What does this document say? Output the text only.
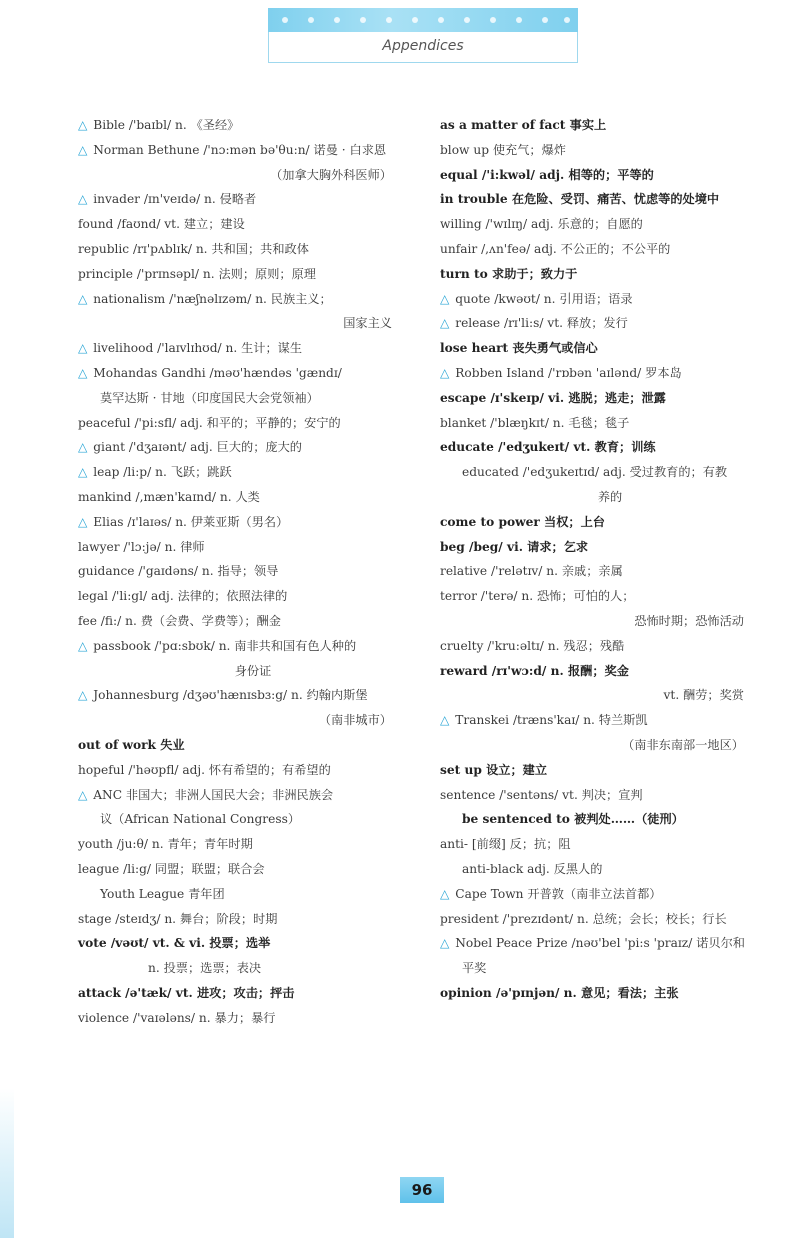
Appendices
△ Bible /'baɪbl/ n. 《圣经》
△ Norman Bethune /'nɔ:mən bə'θu:n/ 诺曼 · 白求恩
（加拿大胸外科医师）
△ invader /ɪn'veɪdə/ n. 侵略者
found /faʊnd/ vt. 建立；建设
republic /rɪ'pʌblɪk/ n. 共和国；共和政体
principle /'prɪnsəpl/ n. 法则；原则；原理
△ nationalism /'næʃnəlɪzəm/ n. 民族主义；
国家主义
△ livelihood /'laɪvlɪhʊd/ n. 生计；谋生
△ Mohandas Gandhi /məʊ'hændəs 'gændɪ/
莫罕达斯 · 甘地（印度国民大会党领袖）
peaceful /'pi:sfl/ adj. 和平的；平静的；安宁的
△ giant /'dʒaɪənt/ adj. 巨大的；庞大的
△ leap /li:p/ n. 飞跃；跳跃
mankind /,mæn'kaɪnd/ n. 人类
△ Elias /ɪ'laɪəs/ n. 伊莱亚斯（男名）
lawyer /'lɔ:jə/ n. 律师
guidance /'gaɪdəns/ n. 指导；领导
legal /'li:gl/ adj. 法律的；依照法律的
fee /fi:/ n. 费（会费、学费等）；酬金
△ passbook /'pɑ:sbʊk/ n. 南非共和国有色人种的
身份证
△ Johannesburg /dʒəʊ'hænɪsbɜ:g/ n. 约翰内斯堡
（南非城市）
out of work 失业
hopeful /'həʊpfl/ adj. 怀有希望的；有希望的
△ ANC 非国大；非洲人国民大会；非洲民族会
议（African National Congress）
youth /ju:θ/ n. 青年；青年时期
league /li:g/ 同盟；联盟；联合会
Youth League 青年团
stage /steɪdʒ/ n. 舞台；阶段；时期
vote /vəʊt/ vt. & vi. 投票；选举
n. 投票；选票；表决
attack /ə'tæk/ vt. 进攻；攻击；抨击
violence /'vaɪələns/ n. 暴力；暴行
as a matter of fact 事实上
blow up 使充气；爆炸
equal /'i:kwəl/ adj. 相等的；平等的
in trouble 在危险、受罚、痛苦、忧虑等的处境中
willing /'wɪlɪŋ/ adj. 乐意的；自愿的
unfair /,ʌn'feə/ adj. 不公正的；不公平的
turn to 求助于；致力于
△ quote /kwəʊt/ n. 引用语；语录
△ release /rɪ'li:s/ vt. 释放；发行
lose heart 丧失勇气或信心
△ Robben Island /'rɒbən 'aɪlənd/ 罗本岛
escape /ɪ'skeɪp/ vi. 逃脱；逃走；泄露
blanket /'blæŋkɪt/ n. 毛毯；毯子
educate /'edʒukeɪt/ vt. 教育；训练
educated /'edʒukeɪtɪd/ adj. 受过教育的；有教
养的
come to power 当权；上台
beg /beg/ vi. 请求；乞求
relative /'relətɪv/ n. 亲戚；亲属
terror /'terə/ n. 恐怖；可怕的人；
恐怖时期；恐怖活动
cruelty /'kru:əltɪ/ n. 残忍；残酷
reward /rɪ'wɔ:d/ n. 报酬；奖金
vt. 酬劳；奖赏
△ Transkei /træns'kaɪ/ n. 特兰斯凯
（南非东南部一地区）
set up 设立；建立
sentence /'sentəns/ vt. 判决；宣判
be sentenced to 被判处……（徒刑）
anti- [前缀] 反；抗；阻
anti-black adj. 反黑人的
△ Cape Town 开普敦（南非立法首都）
president /'prezɪdənt/ n. 总统；会长；校长；行长
△ Nobel Peace Prize /nəʊ'bel 'pi:s 'praɪz/ 诺贝尔和
平奖
opinion /ə'pɪnjən/ n. 意见；看法；主张
96
